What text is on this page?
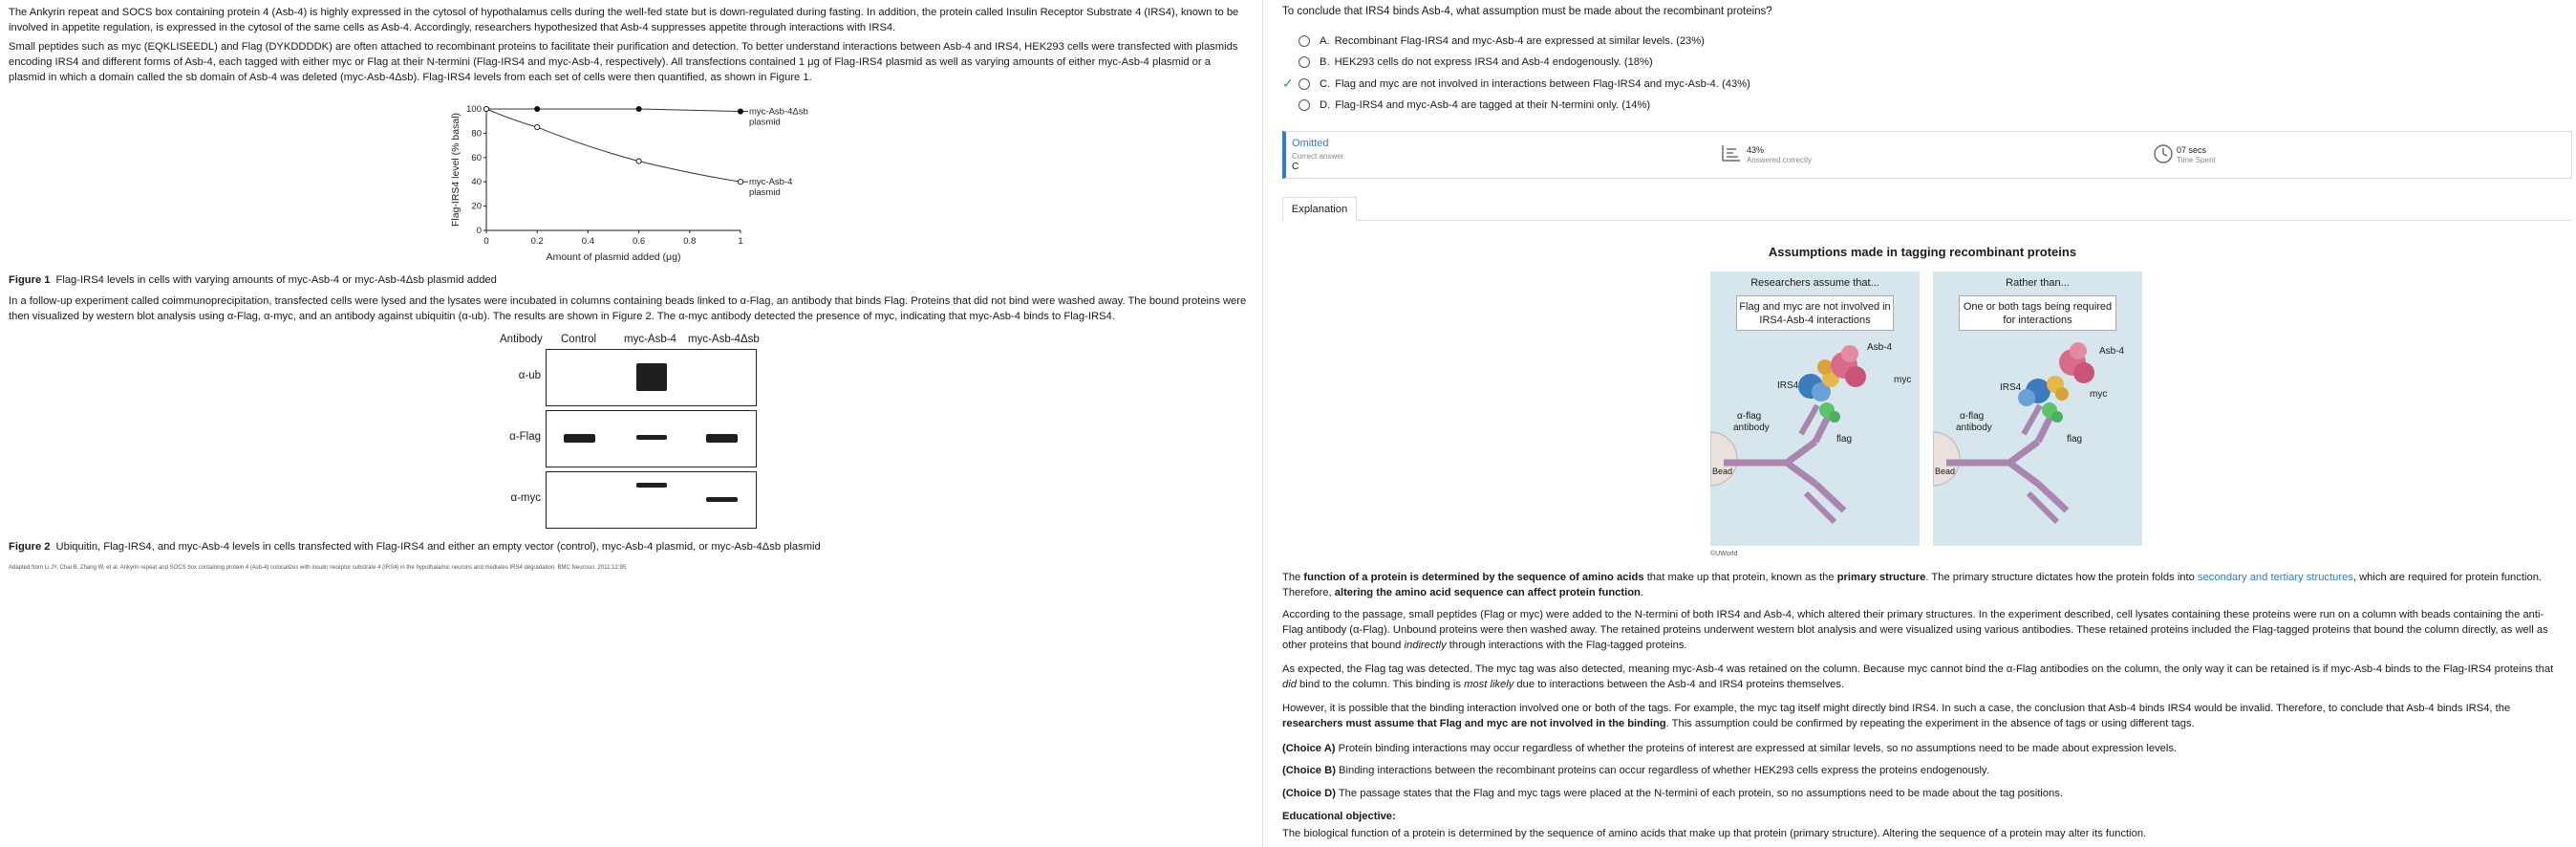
The Ankyrin repeat and SOCS box containing protein 4 (Asb-4) is highly expressed in the cytosol of hypothalamus cells during the well-fed state but is down-regulated during fasting. In addition, the protein called Insulin Receptor Substrate 4 (IRS4), known to be involved in appetite regulation, is expressed in the cytosol of the same cells as Asb-4. Accordingly, researchers hypothesized that Asb-4 suppresses appetite through interactions with IRS4.

Small peptides such as myc (EQKLISEEDL) and Flag (DYKDDDDK) are often attached to recombinant proteins to facilitate their purification and detection. To better understand interactions between Asb-4 and IRS4, HEK293 cells were transfected with plasmids encoding IRS4 and different forms of Asb-4, each tagged with either myc or Flag at their N-termini (Flag-IRS4 and myc-Asb-4, respectively). All transfections contained 1 μg of Flag-IRS4 plasmid as well as varying amounts of either myc-Asb-4 plasmid or a plasmid in which a domain called the sb domain of Asb-4 was deleted (myc-Asb-4Δsb). Flag-IRS4 levels from each set of cells were then quantified, as shown in Figure 1.

0	0.2	0.4	0.6	0.8	1
0
20
40
60
80
100
Amount of plasmid added (μg)
Flag-IRS4 level (% basal)
myc-Asb-4Δsb
plasmid
myc-Asb-4
plasmid
Figure 1 Flag-IRS4 levels in cells with varying amounts of myc-Asb-4 or myc-Asb-4Δsb plasmid added

In a follow-up experiment called coimmunoprecipitation, transfected cells were lysed and the lysates were incubated in columns containing beads linked to α-Flag, an antibody that binds Flag. Proteins that did not bind were washed away. The bound proteins were then visualized by western blot analysis using α-Flag, α-myc, and an antibody against ubiquitin (α-ub). The results are shown in Figure 2. The α-myc antibody detected the presence of myc, indicating that myc-Asb-4 binds to Flag-IRS4.

Antibody Control	myc-Asb-4 myc-Asb-4Δsb
α-ub
α-Flag
α-myc
Figure 2 Ubiquitin, Flag-IRS4, and myc-Asb-4 levels in cells transfected with Flag-IRS4 and either an empty vector (control), myc-Asb-4 plasmid, or myc-Asb-4Δsb plasmid
Adapted from Li JY, Chai B, Zhang W, et al. Ankyrin repeat and SOCS box containing protein 4 (Asb-4) colocalizes with insulin receptor substrate 4 (IRS4) in the hypothalamic neurons and mediates IRS4 degradation. BMC Neurosci. 2011;12:95.
To conclude that IRS4 binds Asb-4, what assumption must be made about the recombinant proteins?
A. Recombinant Flag-IRS4 and myc-Asb-4 are expressed at similar levels. (23%)
B. HEK293 cells do not express IRS4 and Asb-4 endogenously. (18%)
✓ C. Flag and myc are not involved in interactions between Flag-IRS4 and myc-Asb-4. (43%)
D. Flag-IRS4 and myc-Asb-4 are tagged at their N-termini only. (14%)
Omitted
Correct answer
C
43%
Answered correctly
07 secs
Time Spent
Explanation
Assumptions made in tagging recombinant proteins
Researchers assume that...
Flag and myc are not involved in IRS4-Asb-4 interactions
Asb-4
myc
IRS4
flag
α-flag
antibody
Bead
Rather than...
One or both tags being required for interactions
Asb-4
myc
IRS4
flag
α-flag
antibody
Bead
©UWorld

The function of a protein is determined by the sequence of amino acids that make up that protein, known as the primary structure. The primary structure dictates how the protein folds into secondary and tertiary structures, which are required for protein function. Therefore, altering the amino acid sequence can affect protein function.

According to the passage, small peptides (Flag or myc) were added to the N-termini of both IRS4 and Asb-4, which altered their primary structures. In the experiment described, cell lysates containing these proteins were run on a column with beads containing the anti-Flag antibody (α-Flag). Unbound proteins were then washed away. The retained proteins underwent western blot analysis and were visualized using various antibodies. These retained proteins included the Flag-tagged proteins that bound the column directly, as well as other proteins that bound indirectly through interactions with the Flag-tagged proteins.

As expected, the Flag tag was detected. The myc tag was also detected, meaning myc-Asb-4 was retained on the column. Because myc cannot bind the α-Flag antibodies on the column, the only way it can be retained is if myc-Asb-4 binds to the Flag-IRS4 proteins that did bind to the column. This binding is most likely due to interactions between the Asb-4 and IRS4 proteins themselves.

However, it is possible that the binding interaction involved one or both of the tags. For example, the myc tag itself might directly bind IRS4. In such a case, the conclusion that Asb-4 binds IRS4 would be invalid. Therefore, to conclude that Asb-4 binds IRS4, the researchers must assume that Flag and myc are not involved in the binding. This assumption could be confirmed by repeating the experiment in the absence of tags or using different tags.

(Choice A) Protein binding interactions may occur regardless of whether the proteins of interest are expressed at similar levels, so no assumptions need to be made about expression levels.

(Choice B) Binding interactions between the recombinant proteins can occur regardless of whether HEK293 cells express the proteins endogenously.

(Choice D) The passage states that the Flag and myc tags were placed at the N-termini of each protein, so no assumptions need to be made about the tag positions.

Educational objective:

The biological function of a protein is determined by the sequence of amino acids that make up that protein (primary structure). Altering the sequence of a protein may alter its function.
